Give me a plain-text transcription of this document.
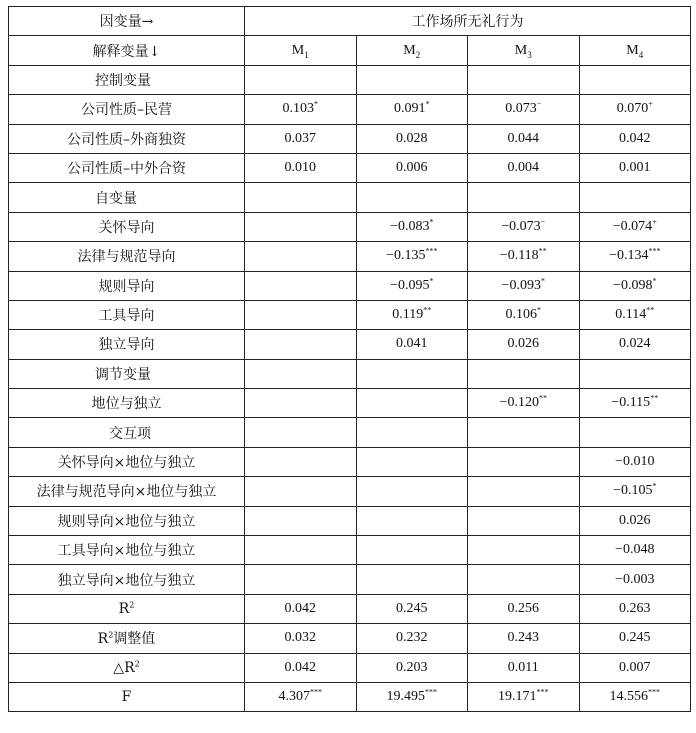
因变量→	工作场所无礼行为			
解释变量↓	$M_1$	$M_2$	$M_3$	$M_4$
控制变量				
公司性质–民营	0.103*	0.091*	0.073−	0.070+
公司性质–外商独资	0.037	0.028	0.044	0.042
公司性质–中外合资	0.010	0.006	0.004	0.001
自变量				
关怀导向		−0.083*	−0.073−	−0.074+
法律与规范导向		−0.135***	−0.118**	−0.134***
规则导向		−0.095*	−0.093*	−0.098*
工具导向		0.119**	0.106*	0.114**
独立导向		0.041	0.026	0.024
调节变量				
地位与独立			−0.120**	−0.115**
交互项				
关怀导向×地位与独立				−0.010
法律与规范导向×地位与独立				−0.105*
规则导向×地位与独立				0.026
工具导向×地位与独立				−0.048
独立导向×地位与独立				−0.003
$R^2$	0.042	0.245	0.256	0.263
$R^2$调整值	0.032	0.232	0.243	0.245
$\triangle R^2$	0.042	0.203	0.011	0.007
F	4.307***	19.495***	19.171***	14.556***
